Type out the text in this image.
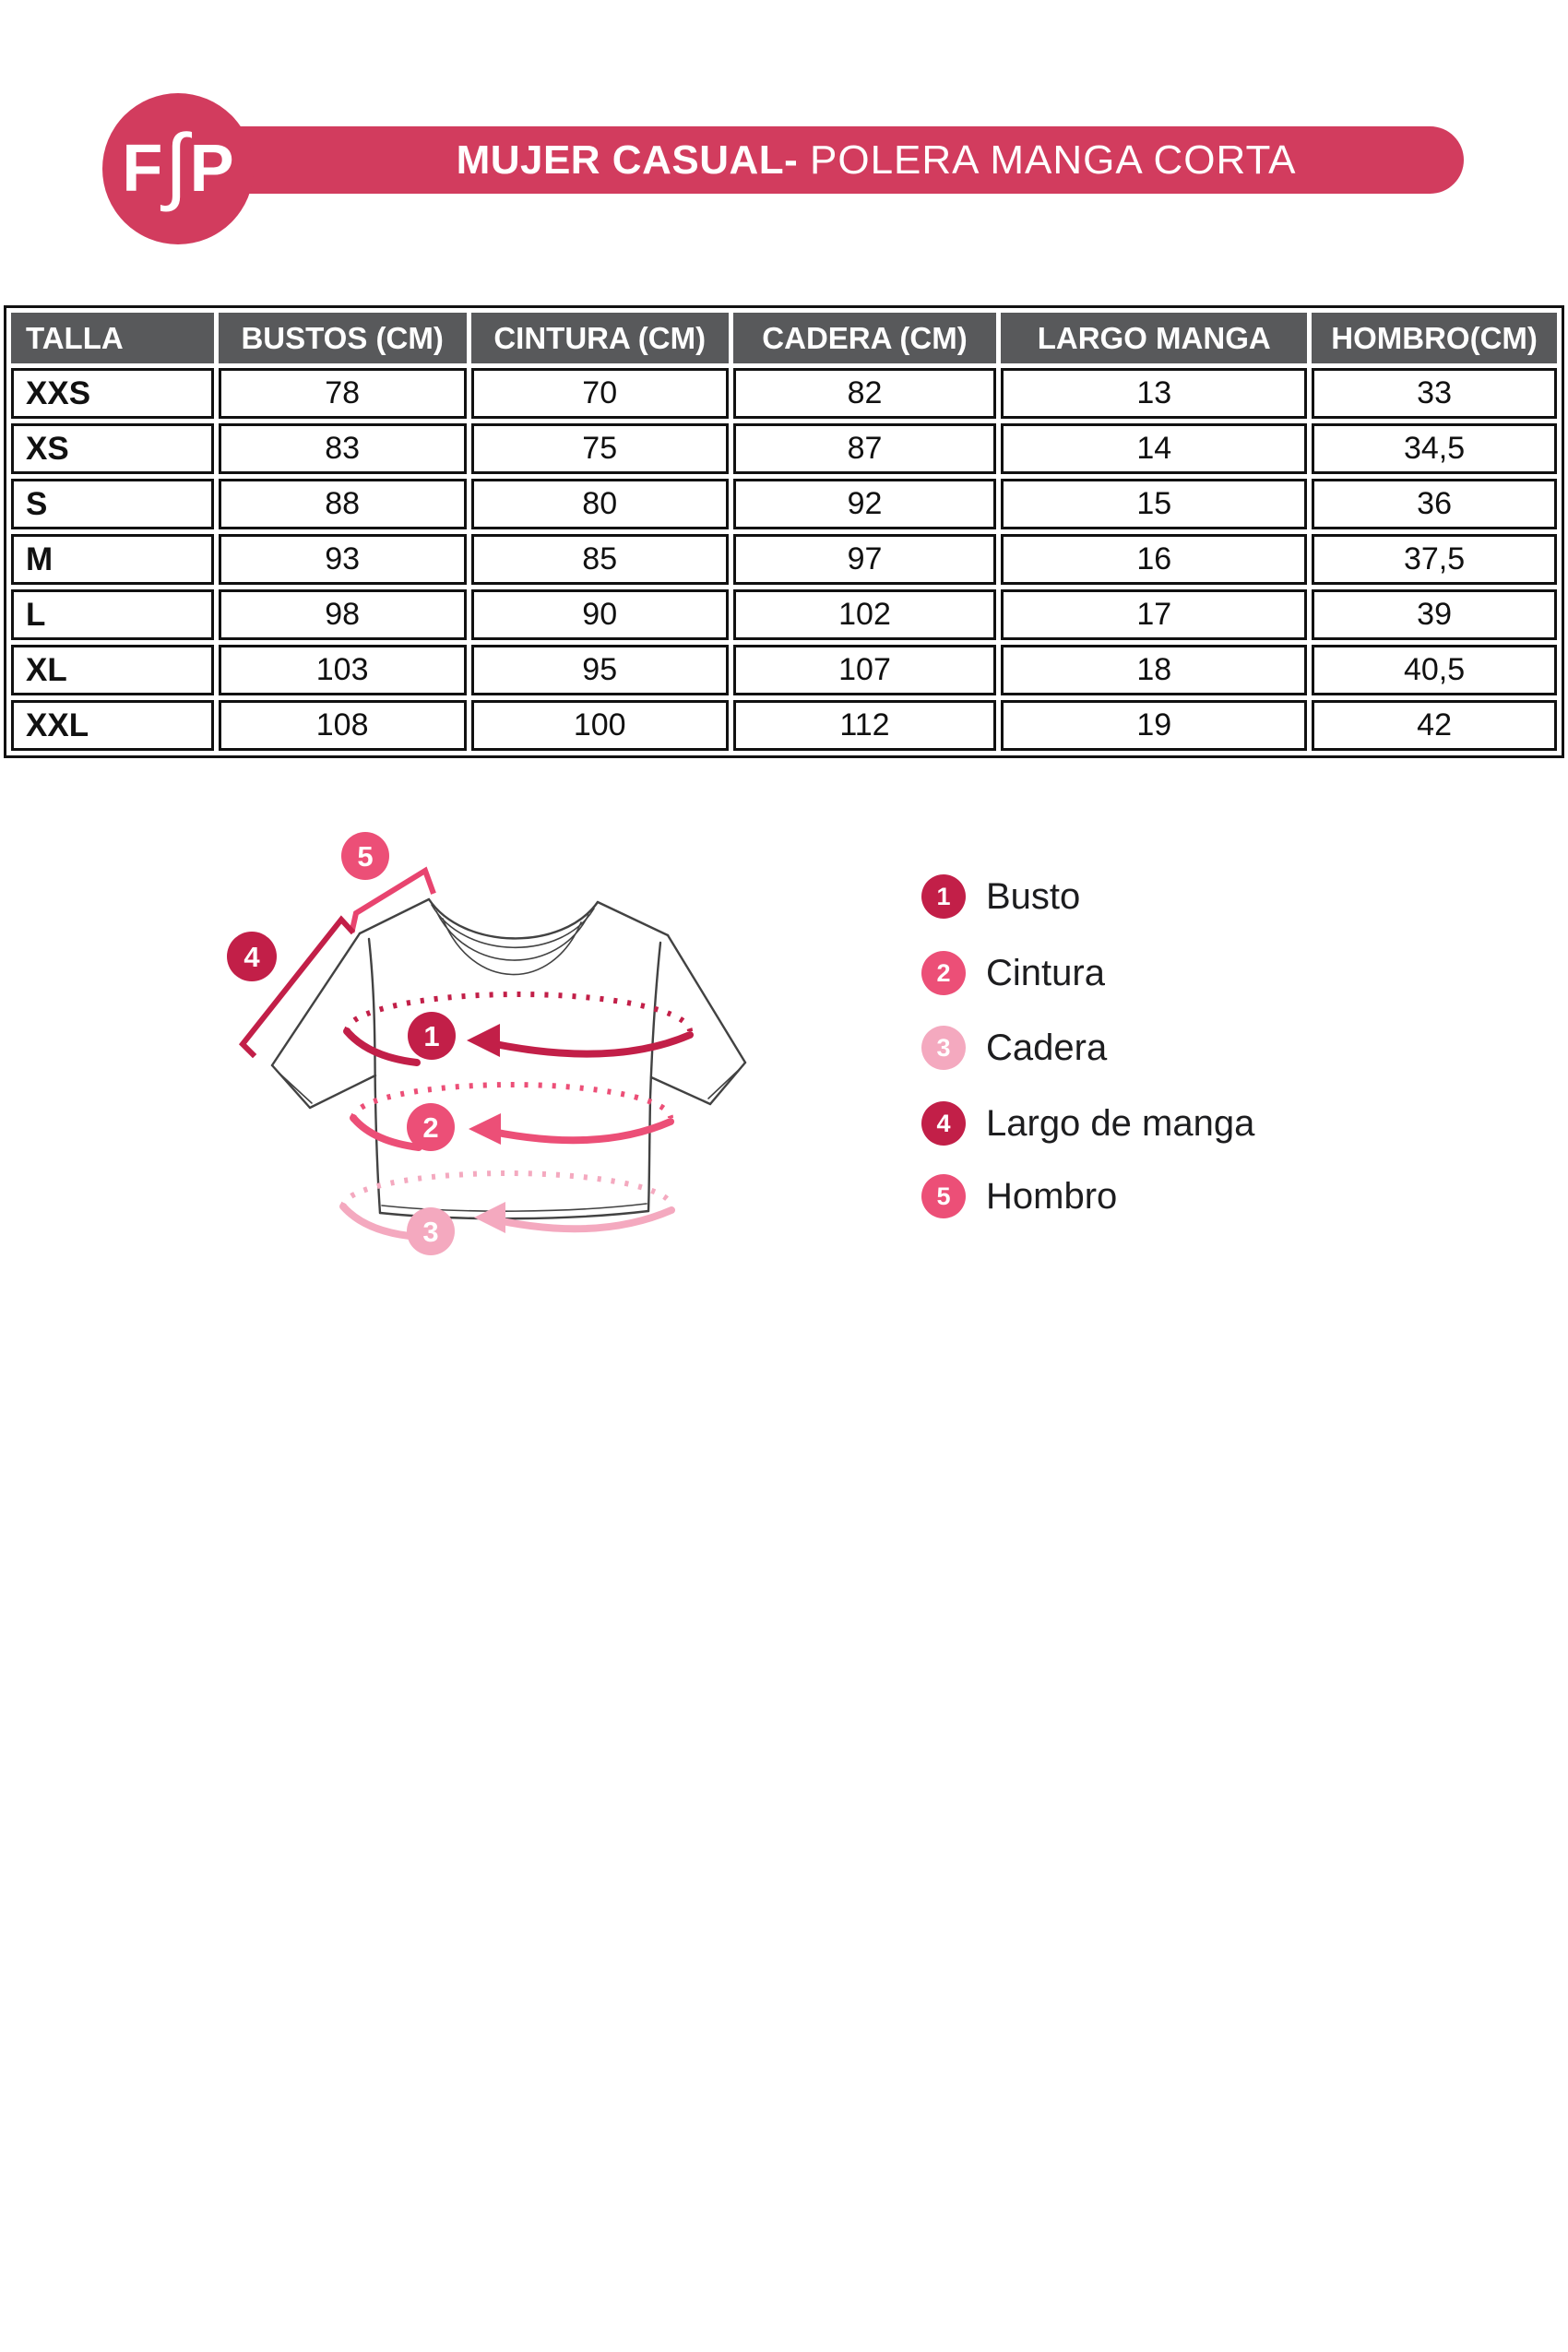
MUJER CASUAL- POLERA MANGA CORTA
F ∫ P
TALLA	BUSTOS (CM)	CINTURA (CM)	CADERA (CM)	LARGO MANGA	HOMBRO(CM)
XXS	78	70	82	13	33
XS	83	75	87	14	34,5
S	88	80	92	15	36
M	93	85	97	16	37,5
L	98	90	102	17	39
XL	103	95	107	18	40,5
XXL	108	100	112	19	42
1
2
3
4
5
1 Busto
2 Cintura
3 Cadera
4 Largo de manga
5 Hombro
